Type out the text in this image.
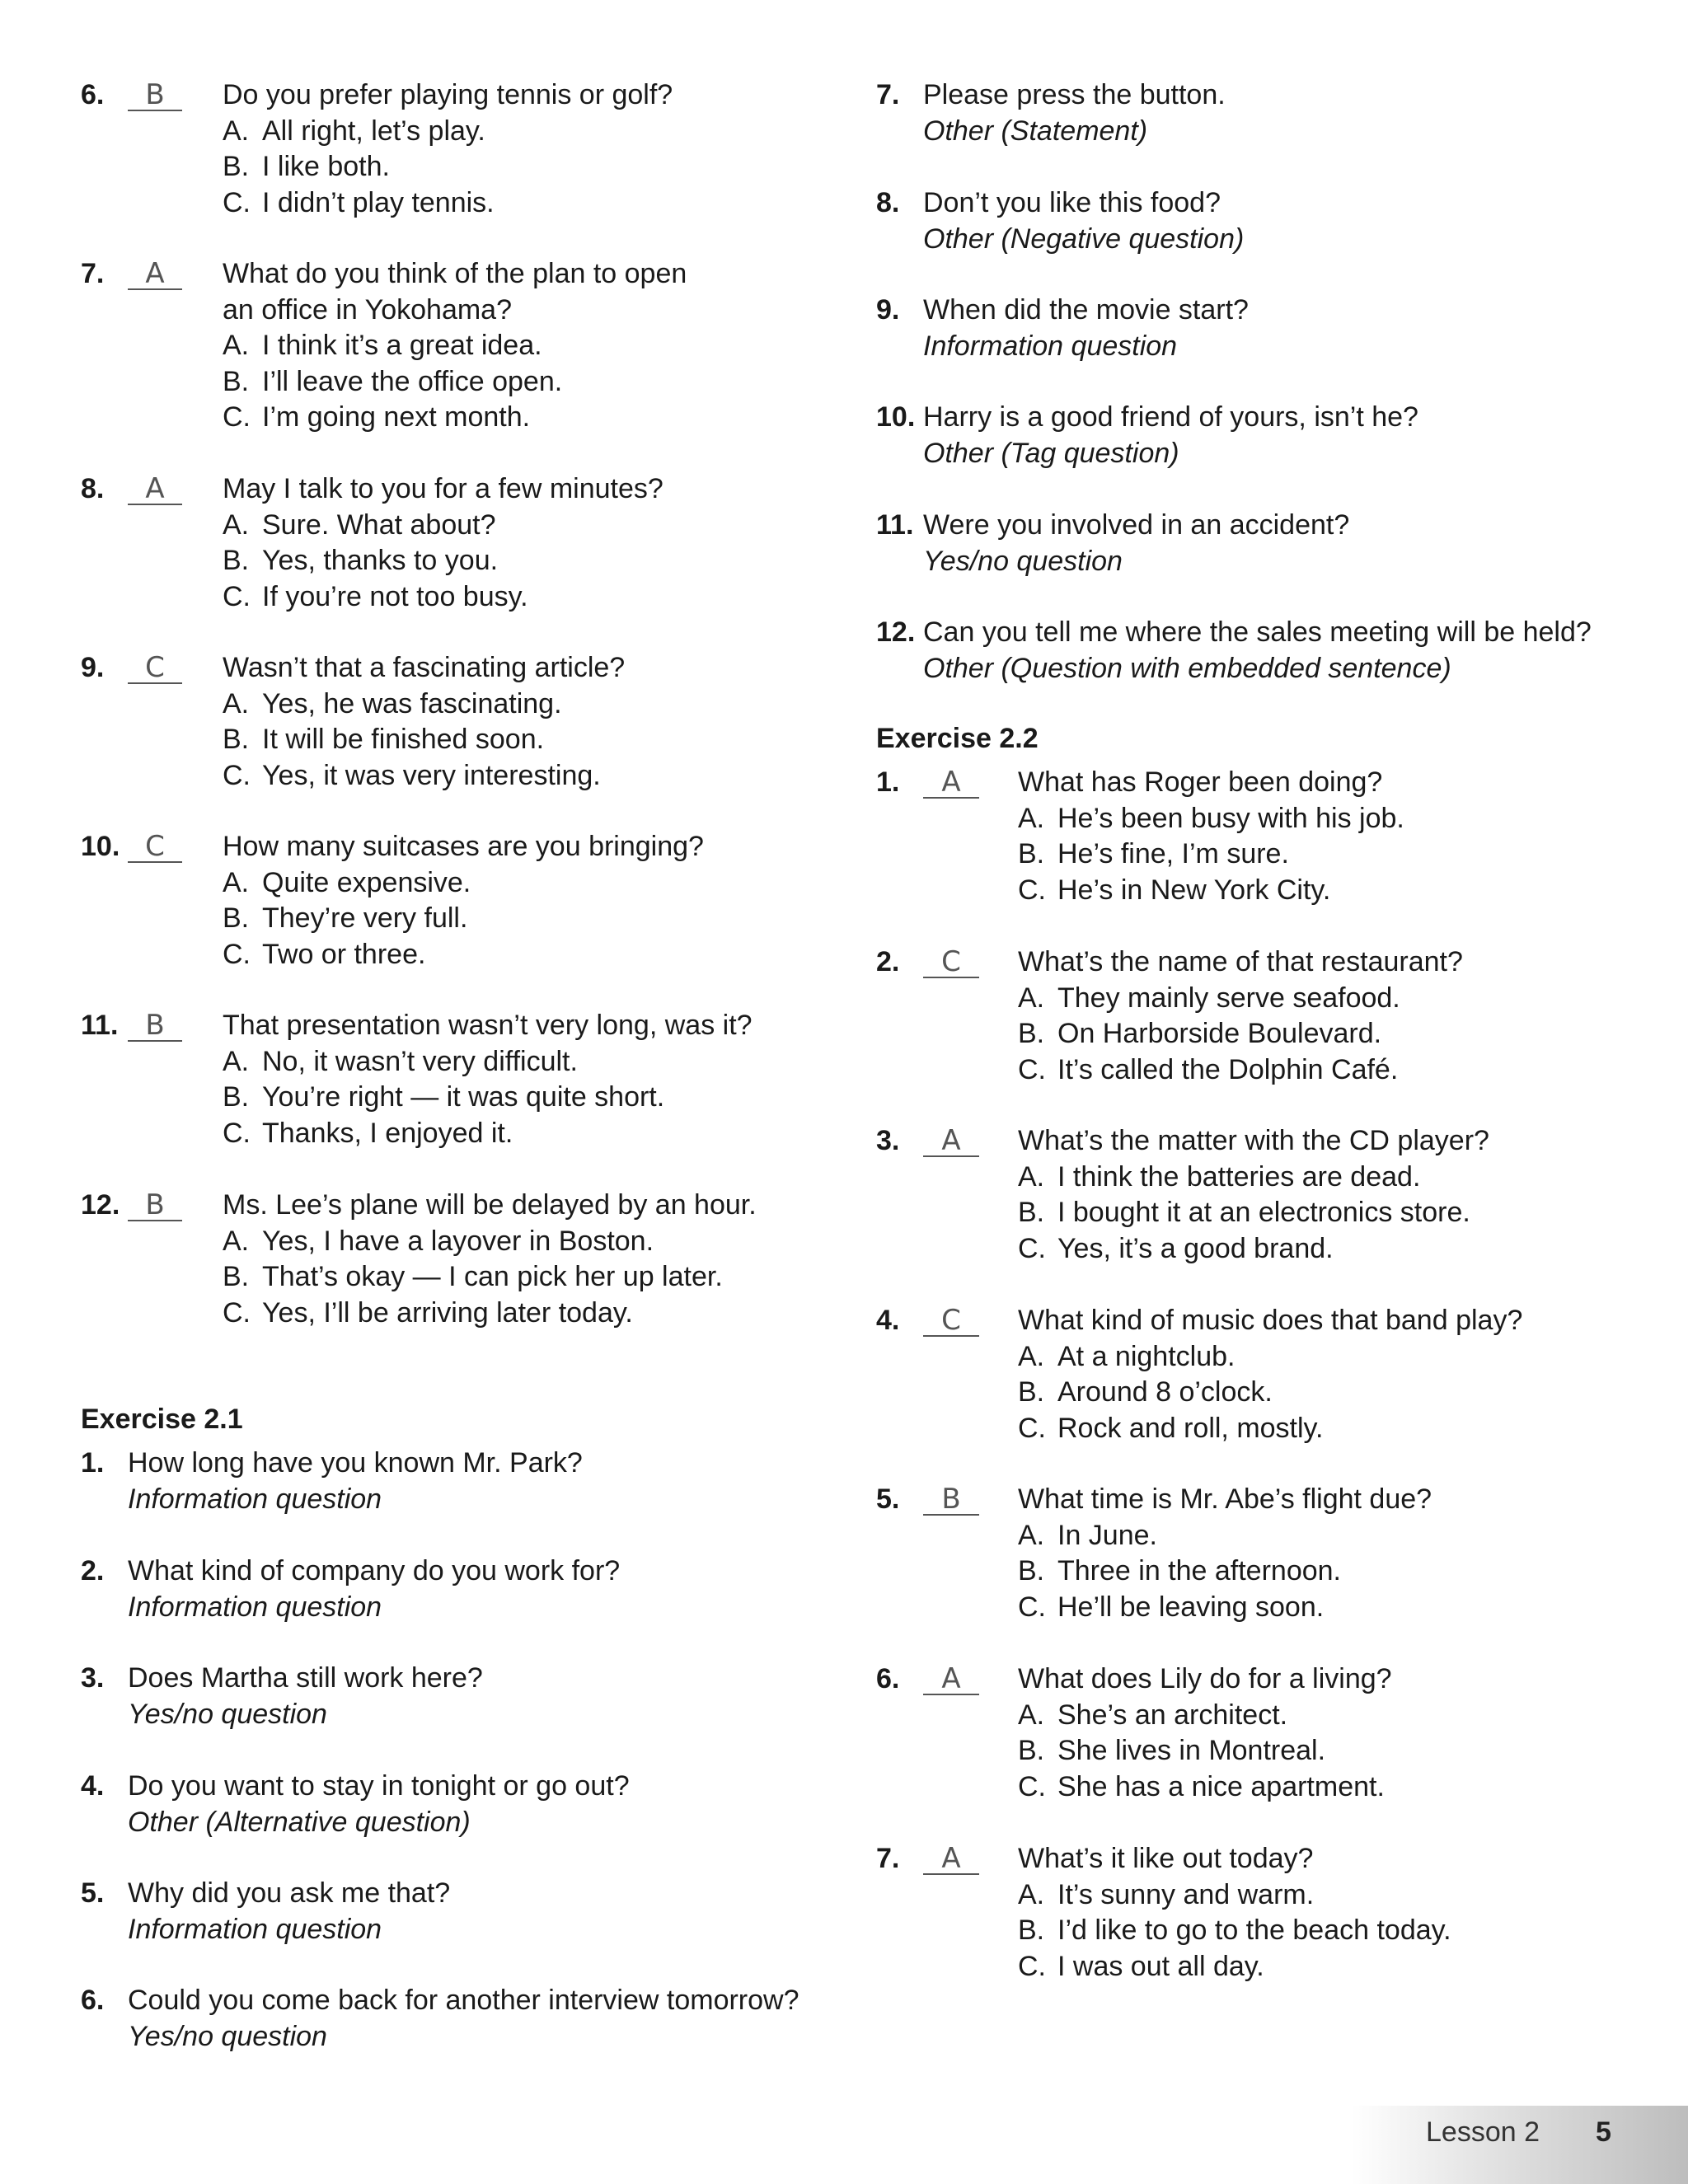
6.	B	Do you prefer playing tennis or golf?
A. All right, let’s play.
B. I like both.
C. I didn’t play tennis.
7.	A	What do you think of the plan to open
an office in Yokohama?
A. I think it’s a great idea.
B. I’ll leave the office open.
C. I’m going next month.
8.	A	May I talk to you for a few minutes?
A. Sure. What about?
B. Yes, thanks to you.
C. If you’re not too busy.
9.	C	Wasn’t that a fascinating article?
A. Yes, he was fascinating.
B. It will be finished soon.
C. Yes, it was very interesting.
10. C	How many suitcases are you bringing?
A. Quite expensive.
B. They’re very full.
C. Two or three.
11. B	That presentation wasn’t very long, was it?
A. No, it wasn’t very difficult.
B. You’re right — it was quite short.
C. Thanks, I enjoyed it.
12. B	Ms. Lee’s plane will be delayed by an hour.
A. Yes, I have a layover in Boston.
B. That’s okay — I can pick her up later.
C. Yes, I’ll be arriving later today.
Exercise 2.1
1. How long have you known Mr. Park?
Information question
2. What kind of company do you work for?
Information question
3. Does Martha still work here?
Yes/no question
4. Do you want to stay in tonight or go out?
Other (Alternative question)
5. Why did you ask me that?
Information question
6. Could you come back for another interview tomorrow?
Yes/no question
7. Please press the button.
Other (Statement)
8. Don’t you like this food?
Other (Negative question)
9. When did the movie start?
Information question
10. Harry is a good friend of yours, isn’t he?
Other (Tag question)
11. Were you involved in an accident?
Yes/no question
12. Can you tell me where the sales meeting will be held?
Other (Question with embedded sentence)
Exercise 2.2
1.	A	What has Roger been doing?
A. He’s been busy with his job.
B. He’s fine, I’m sure.
C. He’s in New York City.
2.	C	What’s the name of that restaurant?
A. They mainly serve seafood.
B. On Harborside Boulevard.
C. It’s called the Dolphin Café.
3.	A	What’s the matter with the CD player?
A. I think the batteries are dead.
B. I bought it at an electronics store.
C. Yes, it’s a good brand.
4.	C	What kind of music does that band play?
A. At a nightclub.
B. Around 8 o’clock.
C. Rock and roll, mostly.
5.	B	What time is Mr. Abe’s flight due?
A. In June.
B. Three in the afternoon.
C. He’ll be leaving soon.
6.	A	What does Lily do for a living?
A. She’s an architect.
B. She lives in Montreal.
C. She has a nice apartment.
7.	A	What’s it like out today?
A. It’s sunny and warm.
B. I’d like to go to the beach today.
C. I was out all day.
Lesson 2 5
